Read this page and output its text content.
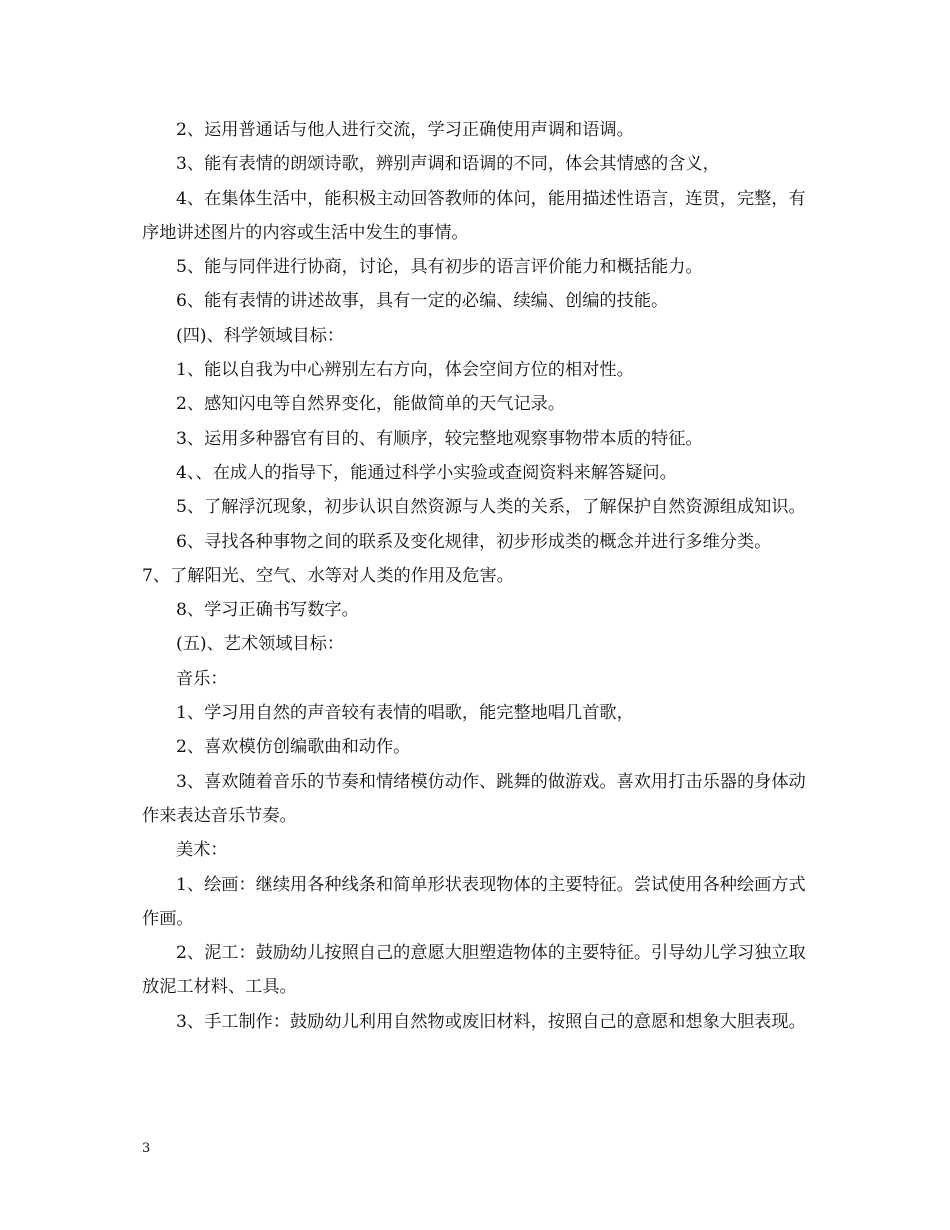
2、运用普通话与他人进行交流，学习正确使用声调和语调。

3、能有表情的朗颂诗歌，辨别声调和语调的不同，体会其情感的含义，

4、在集体生活中，能积极主动回答教师的体问，能用描述性语言，连贯，完整，有序地讲述图片的内容或生活中发生的事情。

5、能与同伴进行协商，讨论，具有初步的语言评价能力和概括能力。

6、能有表情的讲述故事，具有一定的必编、续编、创编的技能。

(四)、科学领域目标：

1、能以自我为中心辨别左右方向，体会空间方位的相对性。

2、感知闪电等自然界变化，能做简单的天气记录。

3、运用多种器官有目的、有顺序，较完整地观察事物带本质的特征。

4、、在成人的指导下，能通过科学小实验或查阅资料来解答疑问。

5、了解浮沉现象，初步认识自然资源与人类的关系，了解保护自然资源组成知识。

6、寻找各种事物之间的联系及变化规律，初步形成类的概念并进行多维分类。

7、了解阳光、空气、水等对人类的作用及危害。

8、学习正确书写数字。

(五)、艺术领域目标：

音乐：

1、学习用自然的声音较有表情的唱歌，能完整地唱几首歌，

2、喜欢模仿创编歌曲和动作。

3、喜欢随着音乐的节奏和情绪模仿动作、跳舞的做游戏。喜欢用打击乐器的身体动作来表达音乐节奏。

美术：

1、绘画：继续用各种线条和简单形状表现物体的主要特征。尝试使用各种绘画方式作画。

2、泥工：鼓励幼儿按照自己的意愿大胆塑造物体的主要特征。引导幼儿学习独立取放泥工材料、工具。

3、手工制作：鼓励幼儿利用自然物或废旧材料，按照自己的意愿和想象大胆表现。

3
